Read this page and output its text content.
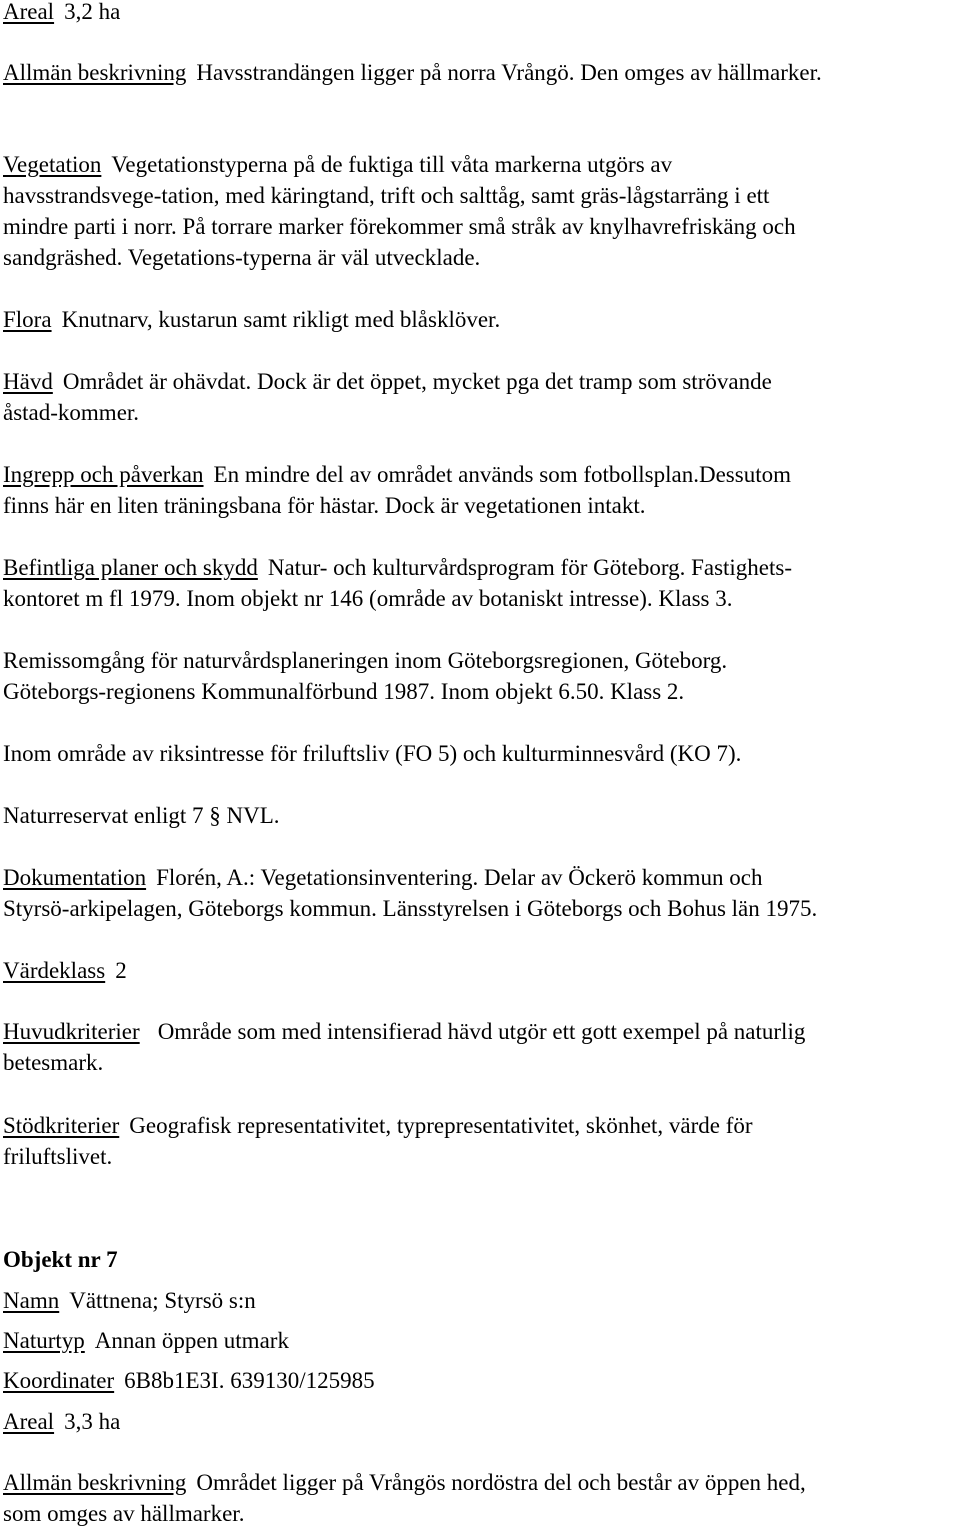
Areal 3,2 ha

Allmän beskrivning Havsstrandängen ligger på norra Vrångö. Den omges av hällmarker.

Vegetation Vegetationstyperna på de fuktiga till våta markerna utgörs av
havsstrandsvege-tation, med käringtand, trift och salttåg, samt gräs-lågstarräng i ett
mindre parti i norr. På torrare marker förekommer små stråk av knylhavrefriskäng och
sandgräshed. Vegetations-typerna är väl utvecklade.

Flora Knutnarv, kustarun samt rikligt med blåsklöver.

Hävd Området är ohävdat. Dock är det öppet, mycket pga det tramp som strövande
åstad-kommer.

Ingrepp och påverkan En mindre del av området används som fotbollsplan.Dessutom
finns här en liten träningsbana för hästar. Dock är vegetationen intakt.

Befintliga planer och skydd Natur- och kulturvårdsprogram för Göteborg. Fastighets-
kontoret m fl 1979. Inom objekt nr 146 (område av botaniskt intresse). Klass 3.

Remissomgång för naturvårdsplaneringen inom Göteborgsregionen, Göteborg.
Göteborgs-regionens Kommunalförbund 1987. Inom objekt 6.50. Klass 2.

Inom område av riksintresse för friluftsliv (FO 5) och kulturminnesvård (KO 7).

Naturreservat enligt 7 § NVL.

Dokumentation Florén, A.: Vegetationsinventering. Delar av Öckerö kommun och
Styrsö-arkipelagen, Göteborgs kommun. Länsstyrelsen i Göteborgs och Bohus län 1975.

Värdeklass 2

Huvudkriterier Område som med intensifierad hävd utgör ett gott exempel på naturlig
betesmark.

Stödkriterier Geografisk representativitet, typrepresentativitet, skönhet, värde för
friluftslivet.

Objekt nr 7

Namn Vättnena; Styrsö s:n

Naturtyp Annan öppen utmark

Koordinater 6B8b1E3I. 639130/125985

Areal 3,3 ha

Allmän beskrivning Området ligger på Vrångös nordöstra del och består av öppen hed,
som omges av hällmarker.
